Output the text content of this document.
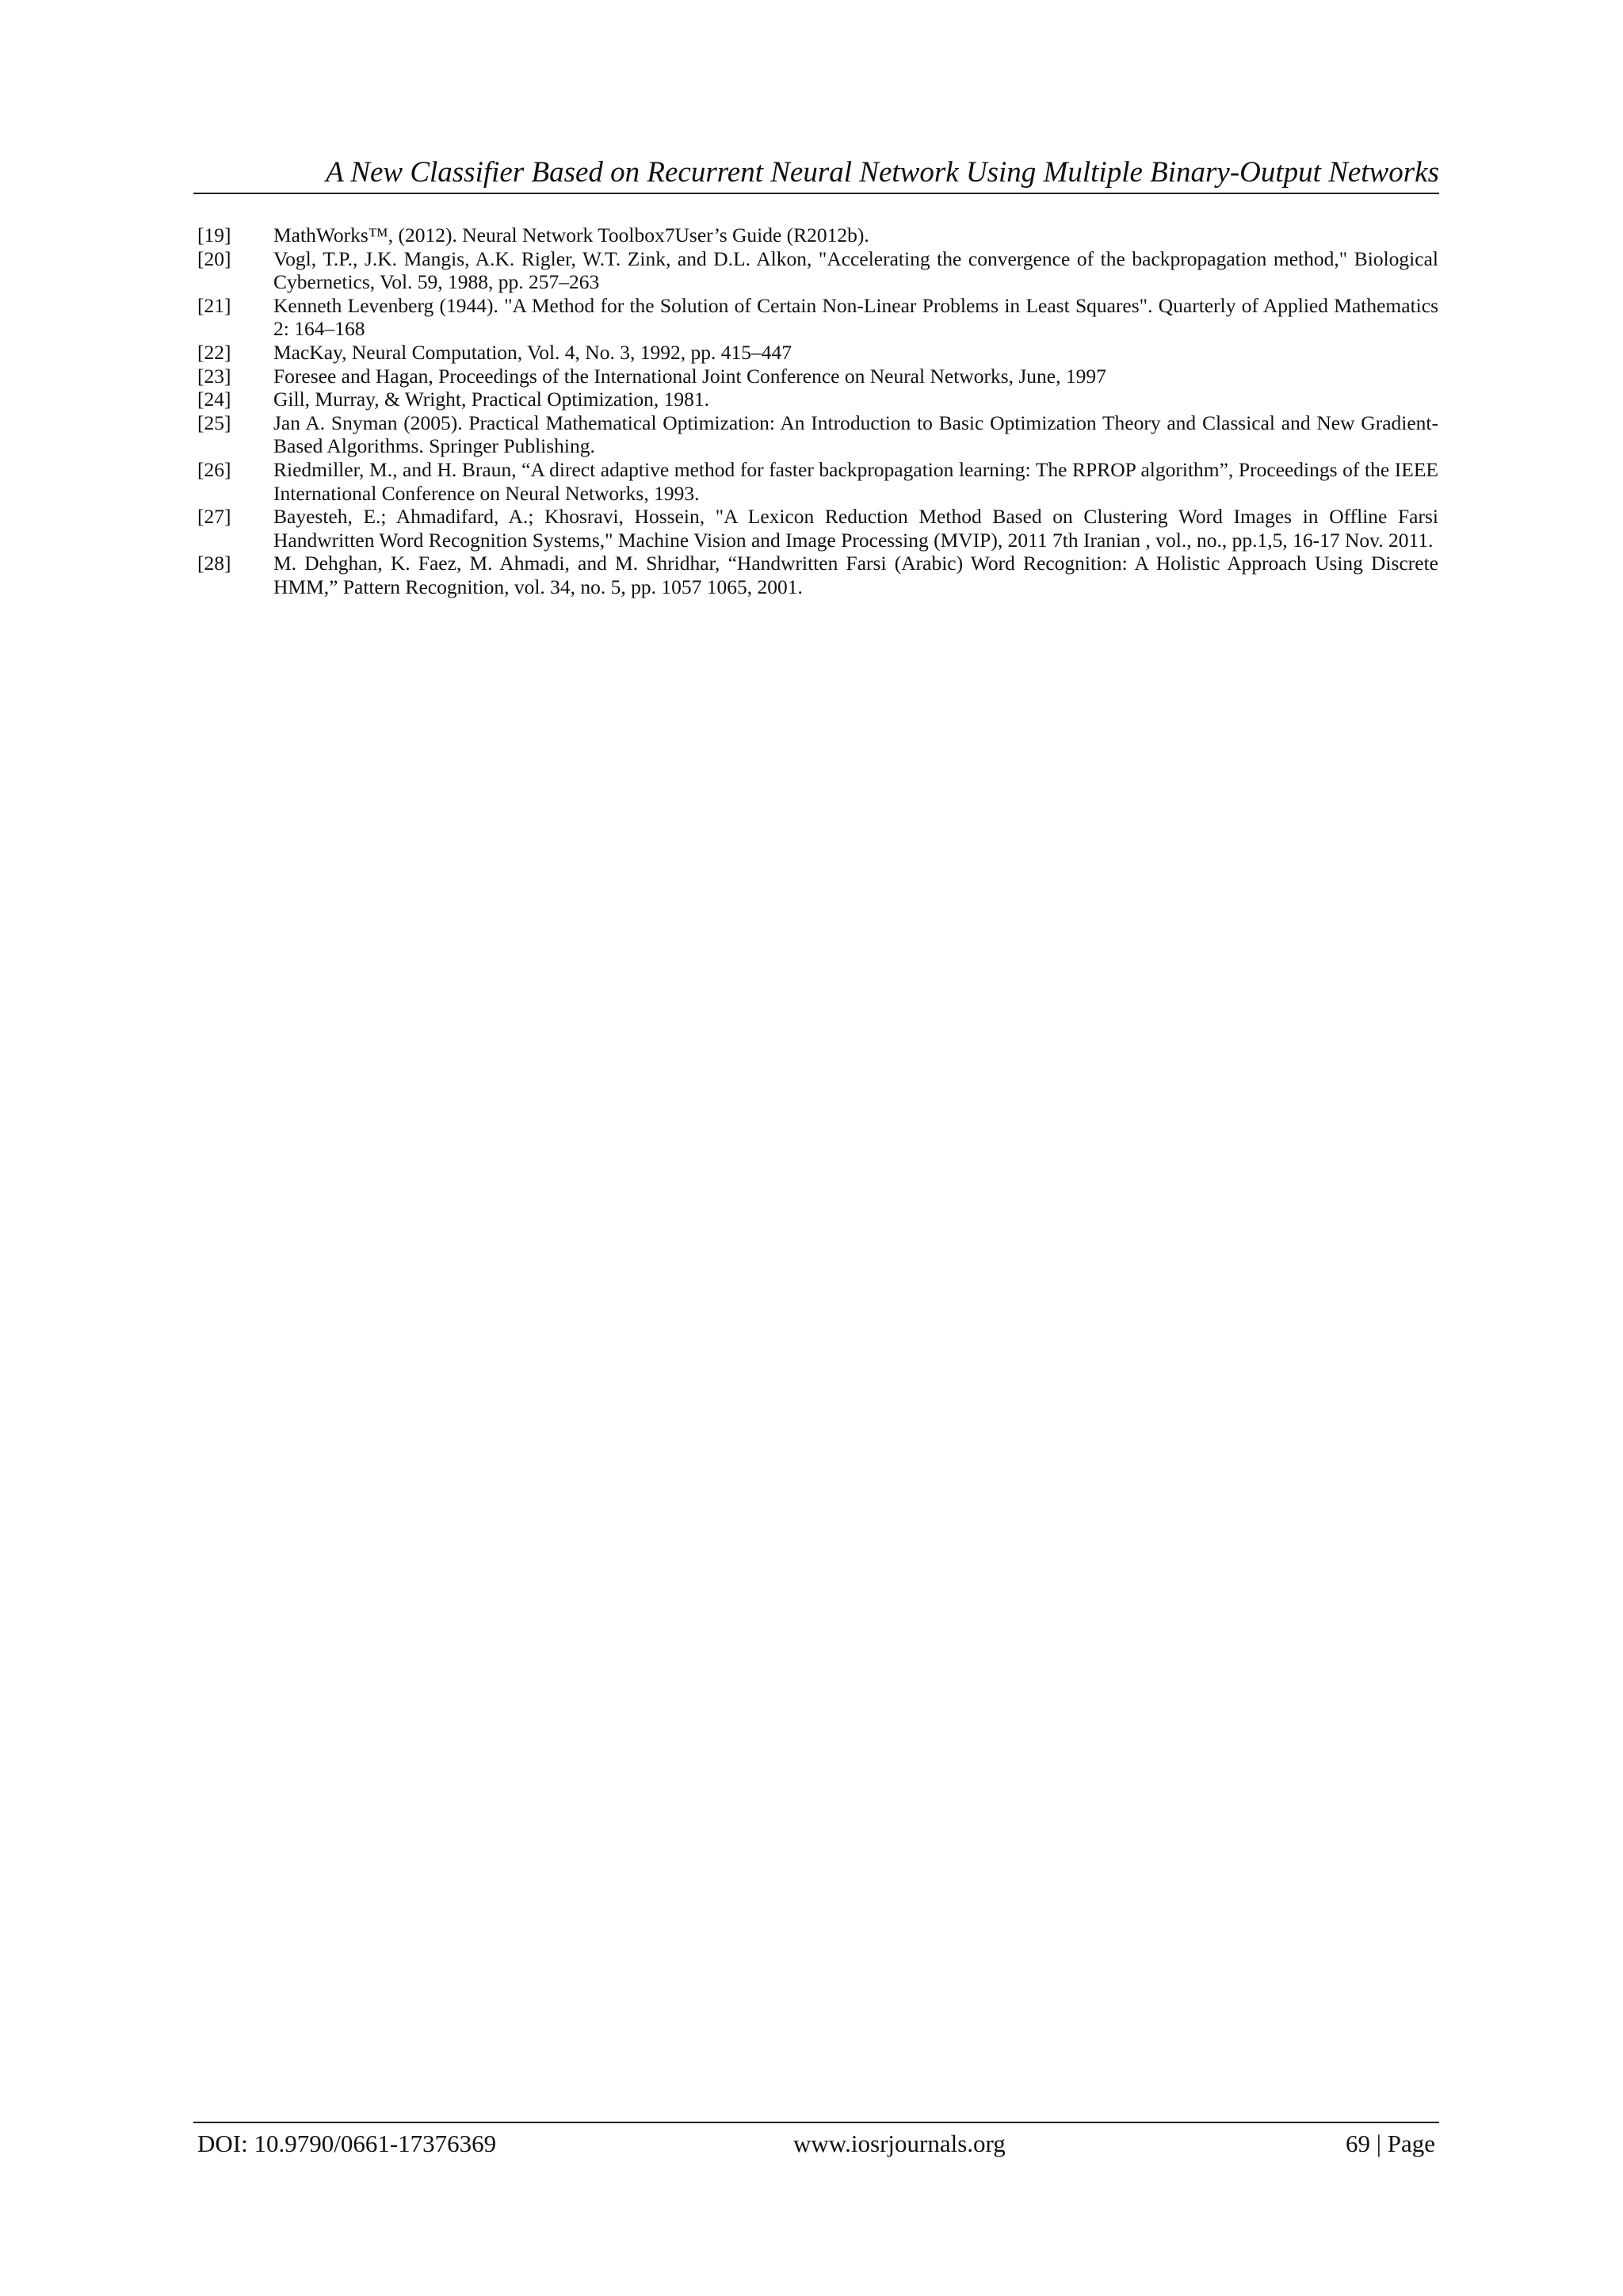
A New Classifier Based on Recurrent Neural Network Using Multiple Binary-Output Networks
[19]	MathWorks™, (2012). Neural Network Toolbox7User’s Guide (R2012b).
[20]	Vogl, T.P., J.K. Mangis, A.K. Rigler, W.T. Zink, and D.L. Alkon, "Accelerating the convergence of the backpropagation method," Biological Cybernetics, Vol. 59, 1988, pp. 257–263
[21]	Kenneth Levenberg (1944). "A Method for the Solution of Certain Non-Linear Problems in Least Squares". Quarterly of Applied Mathematics 2: 164–168
[22]	MacKay, Neural Computation, Vol. 4, No. 3, 1992, pp. 415–447
[23]	Foresee and Hagan, Proceedings of the International Joint Conference on Neural Networks, June, 1997
[24]	Gill, Murray, & Wright, Practical Optimization, 1981.
[25]	Jan A. Snyman (2005). Practical Mathematical Optimization: An Introduction to Basic Optimization Theory and Classical and New Gradient-Based Algorithms. Springer Publishing.
[26]	Riedmiller, M., and H. Braun, “A direct adaptive method for faster backpropagation learning: The RPROP algorithm”, Proceedings of the IEEE International Conference on Neural Networks, 1993.
[27]	Bayesteh, E.; Ahmadifard, A.; Khosravi, Hossein, "A Lexicon Reduction Method Based on Clustering Word Images in Offline Farsi Handwritten Word Recognition Systems," Machine Vision and Image Processing (MVIP), 2011 7th Iranian , vol., no., pp.1,5, 16-17 Nov. 2011.
[28]	M. Dehghan, K. Faez, M. Ahmadi, and M. Shridhar, “Handwritten Farsi (Arabic) Word Recognition: A Holistic Approach Using Discrete HMM,” Pattern Recognition, vol. 34, no. 5, pp. 1057 1065, 2001.
DOI: 10.9790/0661-17376369	www.iosrjournals.org	69 | Page
